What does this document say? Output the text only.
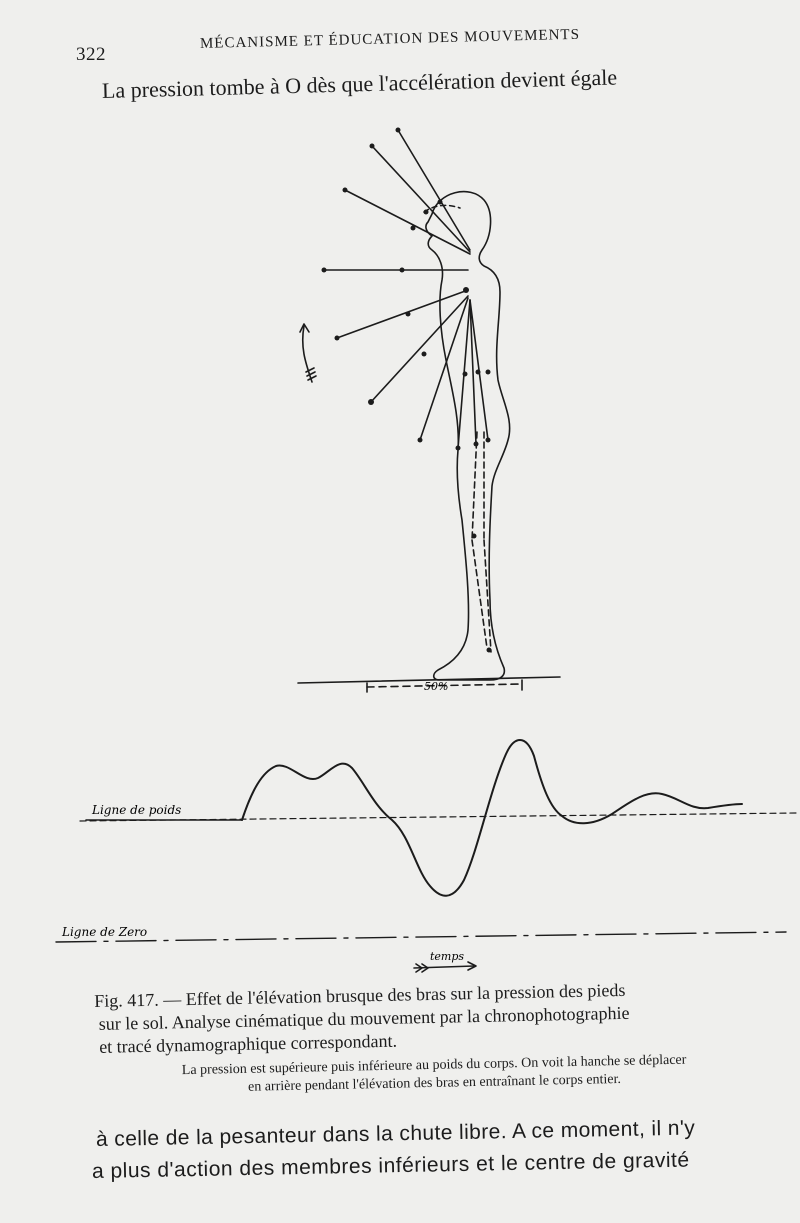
322
MÉCANISME ET ÉDUCATION DES MOUVEMENTS
La pression tombe à O dès que l'accélération devient égale
50%
Ligne de poids
Ligne de Zero
temps
Fig. 417. — Effet de l'élévation brusque des bras sur la pression des pieds
sur le sol. Analyse cinématique du mouvement par la chronophotographie
et tracé dynamographique correspondant.
La pression est supérieure puis inférieure au poids du corps. On voit la hanche se déplacer
en arrière pendant l'élévation des bras en entraînant le corps entier.
à celle de la pesanteur dans la chute libre. A ce moment, il n'y
a plus d'action des membres inférieurs et le centre de gravité
